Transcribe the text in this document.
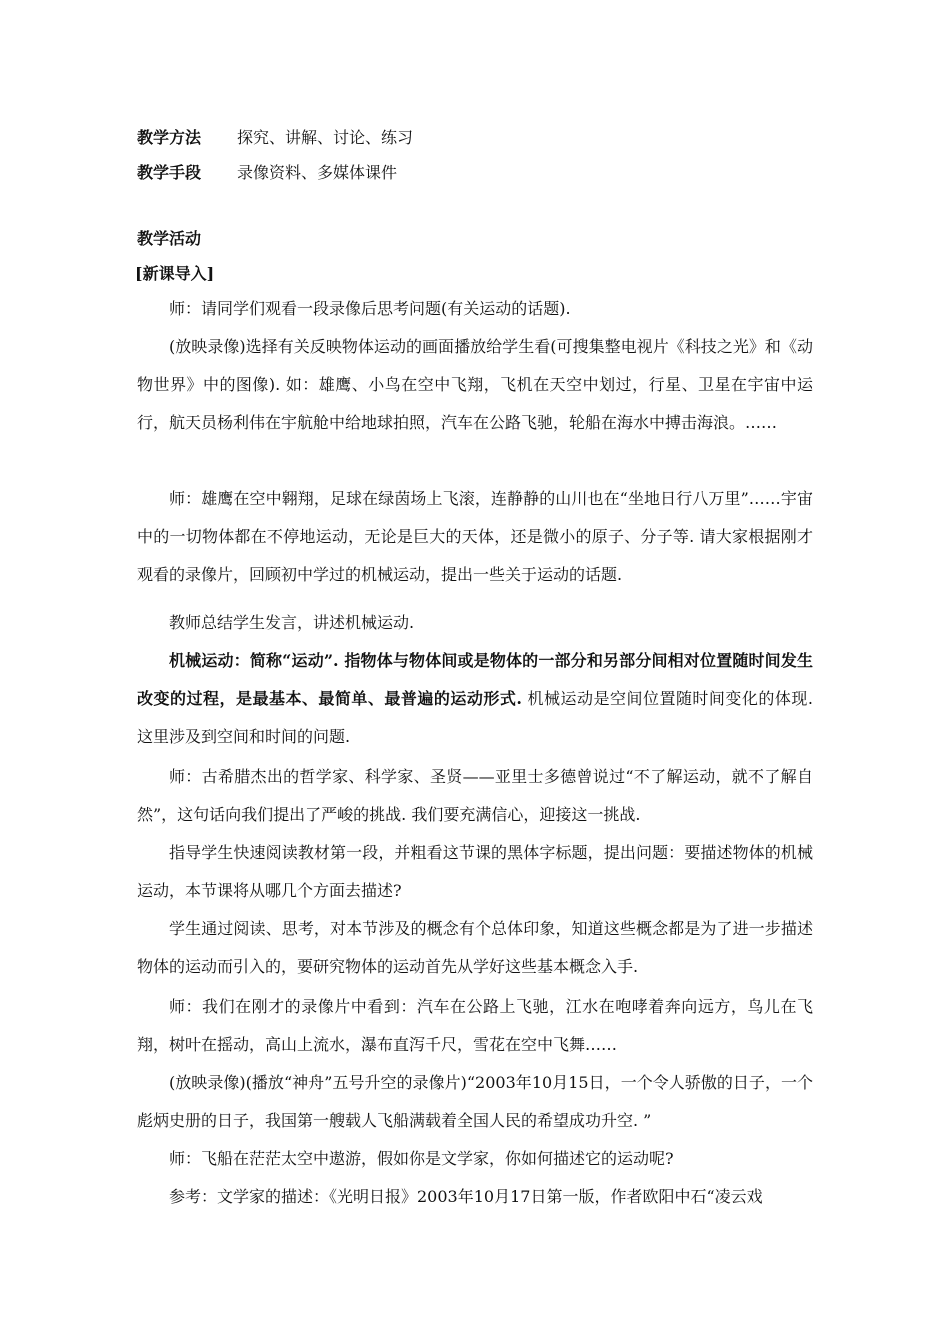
教学方法 探究、讲解、讨论、练习
教学手段 录像资料、多媒体课件
教学活动
[新课导入]
师：请同学们观看一段录像后思考问题(有关运动的话题).
(放映录像)选择有关反映物体运动的画面播放给学生看(可搜集整电视片《科技之光》和《动物世界》中的图像). 如：雄鹰、小鸟在空中飞翔，飞机在天空中划过，行星、卫星在宇宙中运行，航天员杨利伟在宇航舱中给地球拍照，汽车在公路飞驰，轮船在海水中搏击海浪。……
师：雄鹰在空中翱翔，足球在绿茵场上飞滚，连静静的山川也在“坐地日行八万里”……宇宙中的一切物体都在不停地运动，无论是巨大的天体，还是微小的原子、分子等. 请大家根据刚才观看的录像片，回顾初中学过的机械运动，提出一些关于运动的话题.
教师总结学生发言，讲述机械运动.
机械运动：简称“运动”. 指物体与物体间或是物体的一部分和另部分间相对位置随时间发生改变的过程，是最基本、最简单、最普遍的运动形式. 机械运动是空间位置随时间变化的体现. 这里涉及到空间和时间的问题.
师：古希腊杰出的哲学家、科学家、圣贤——亚里士多德曾说过“不了解运动，就不了解自然”，这句话向我们提出了严峻的挑战. 我们要充满信心，迎接这一挑战.
指导学生快速阅读教材第一段，并粗看这节课的黑体字标题，提出问题：要描述物体的机械运动，本节课将从哪几个方面去描述?
学生通过阅读、思考，对本节涉及的概念有个总体印象，知道这些概念都是为了进一步描述物体的运动而引入的，要研究物体的运动首先从学好这些基本概念入手.
师：我们在刚才的录像片中看到：汽车在公路上飞驰，江水在咆哮着奔向远方，鸟儿在飞翔，树叶在摇动，高山上流水，瀑布直泻千尺，雪花在空中飞舞……
(放映录像)(播放“神舟”五号升空的录像片)“2003年10月15日，一个令人骄傲的日子，一个彪炳史册的日子，我国第一艘载人飞船满载着全国人民的希望成功升空. ”
师：飞船在茫茫太空中遨游，假如你是文学家，你如何描述它的运动呢?
参考：文学家的描述：《光明日报》2003年10月17日第一版，作者欧阳中石“凌云戏
